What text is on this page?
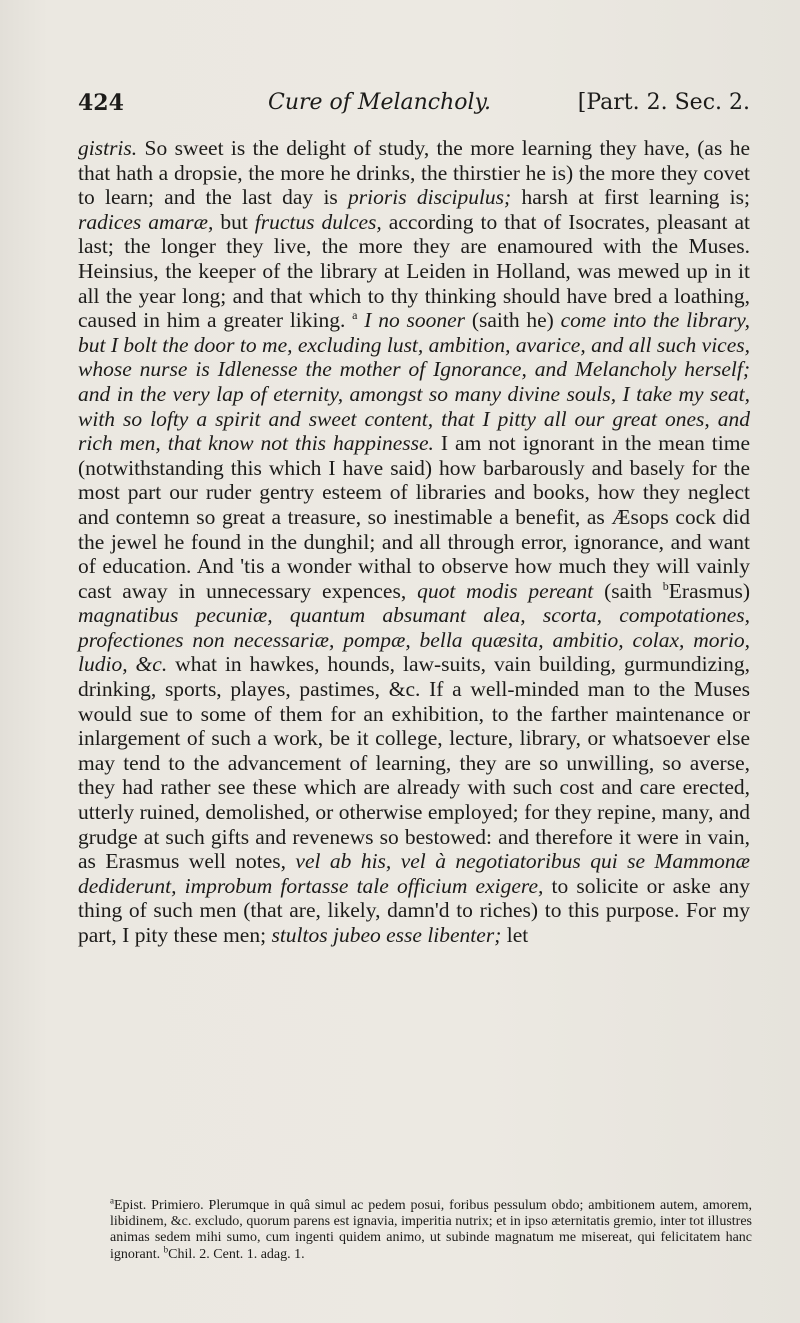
424	Cure of Melancholy.	[Part. 2. Sec. 2.

gistris. So sweet is the delight of study, the more learning they have, (as he that hath a dropsie, the more he drinks, the thirstier he is) the more they covet to learn; and the last day is prioris discipulus; harsh at first learning is; radices amaræ, but fructus dulces, according to that of Isocrates, pleasant at last; the longer they live, the more they are enamoured with the Muses. Heinsius, the keeper of the library at Leiden in Holland, was mewed up in it all the year long; and that which to thy thinking should have bred a loathing, caused in him a greater liking. $^a$ I no sooner (saith he) come into the library, but I bolt the door to me, excluding lust, ambition, avarice, and all such vices, whose nurse is Idlenesse the mother of Ignorance, and Melancholy herself; and in the very lap of eternity, amongst so many divine souls, I take my seat, with so lofty a spirit and sweet content, that I pitty all our great ones, and rich men, that know not this happinesse. I am not ignorant in the mean time (notwithstanding this which I have said) how barbarously and basely for the most part our ruder gentry esteem of libraries and books, how they neglect and contemn so great a treasure, so inestimable a benefit, as Æsops cock did the jewel he found in the dunghil; and all through error, ignorance, and want of education. And 'tis a wonder withal to observe how much they will vainly cast away in unnecessary expences, quot modis pereant (saith $^b$Erasmus) magnatibus pecuniæ, quantum absumant alea, scorta, compotationes, profectiones non necessariæ, pompæ, bella quæsita, ambitio, colax, morio, ludio, &c. what in hawkes, hounds, law-suits, vain building, gurmundizing, drinking, sports, playes, pastimes, &c. If a well-minded man to the Muses would sue to some of them for an exhibition, to the farther maintenance or inlargement of such a work, be it college, lecture, library, or whatsoever else may tend to the advancement of learning, they are so unwilling, so averse, they had rather see these which are already with such cost and care erected, utterly ruined, demolished, or otherwise employed; for they repine, many, and grudge at such gifts and revenews so bestowed: and therefore it were in vain, as Erasmus well notes, vel ab his, vel à negotiatoribus qui se Mammonæ dediderunt, improbum fortasse tale officium exigere, to solicite or aske any thing of such men (that are, likely, damn'd to riches) to this purpose. For my part, I pity these men; stultos jubeo esse libenter; let

$^a$Epist. Primiero. Plerumque in quâ simul ac pedem posui, foribus pessulum obdo; ambitionem autem, amorem, libidinem, &c. excludo, quorum parens est ignavia, imperitia nutrix; et in ipso æternitatis gremio, inter tot illustres animas sedem mihi sumo, cum ingenti quidem animo, ut subinde magnatum me misereat, qui felicitatem hanc ignorant. $^b$Chil. 2. Cent. 1. adag. 1.
